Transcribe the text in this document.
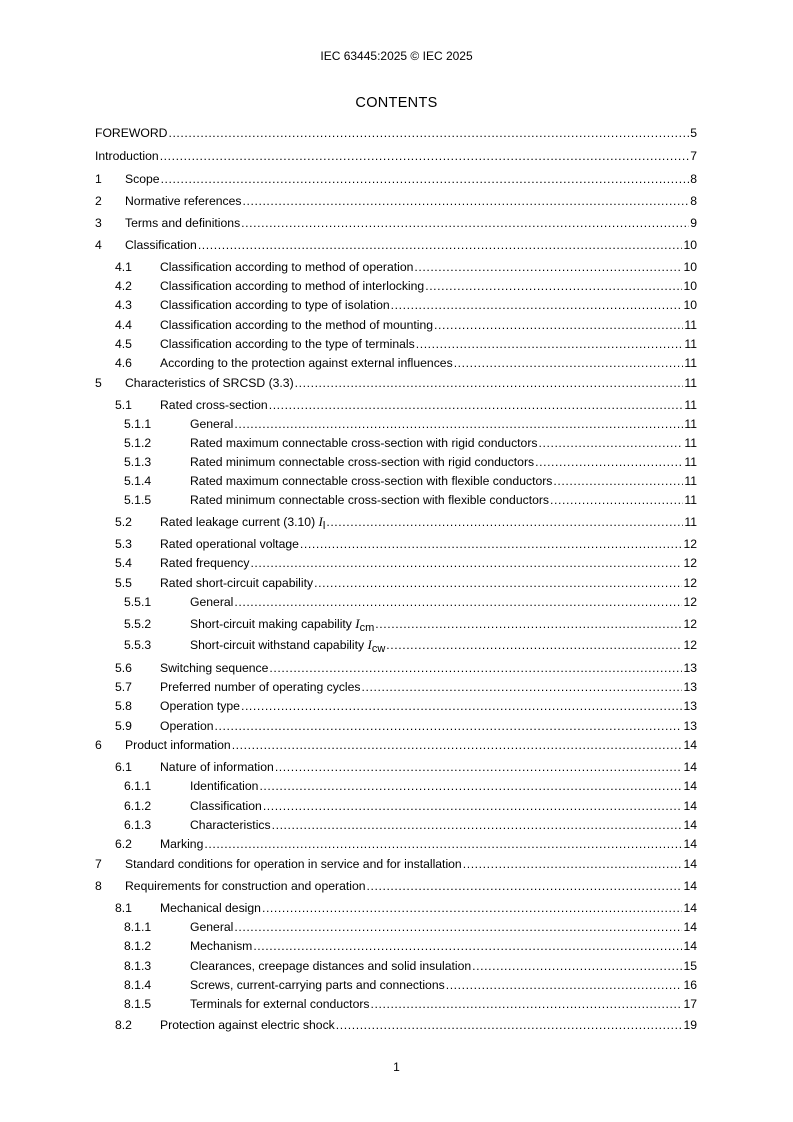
IEC 63445:2025 © IEC 2025
CONTENTS
FOREWORD .....	5
Introduction .....	7
1	Scope .....	8
2	Normative references .....	8
3	Terms and definitions .....	9
4	Classification .....	10
4.1	Classification according to method of operation .....	10
4.2	Classification according to method of interlocking .....	10
4.3	Classification according to type of isolation .....	10
4.4	Classification according to the method of mounting .....	11
4.5	Classification according to the type of terminals .....	11
4.6	According to the protection against external influences .....	11
5	Characteristics of SRCSD (3.3) .....	11
5.1	Rated cross-section .....	11
5.1.1	General .....	11
5.1.2	Rated maximum connectable cross-section with rigid conductors .....	11
5.1.3	Rated minimum connectable cross-section with rigid conductors .....	11
5.1.4	Rated maximum connectable cross-section with flexible conductors .....	11
5.1.5	Rated minimum connectable cross-section with flexible conductors .....	11
5.2	Rated leakage current (3.10) Il .....	11
5.3	Rated operational voltage .....	12
5.4	Rated frequency .....	12
5.5	Rated short-circuit capability .....	12
5.5.1	General .....	12
5.5.2	Short-circuit making capability Icm .....	12
5.5.3	Short-circuit withstand capability Icw .....	12
5.6	Switching sequence .....	13
5.7	Preferred number of operating cycles .....	13
5.8	Operation type .....	13
5.9	Operation .....	13
6	Product information .....	14
6.1	Nature of information .....	14
6.1.1	Identification .....	14
6.1.2	Classification .....	14
6.1.3	Characteristics .....	14
6.2	Marking .....	14
7	Standard conditions for operation in service and for installation .....	14
8	Requirements for construction and operation .....	14
8.1	Mechanical design .....	14
8.1.1	General .....	14
8.1.2	Mechanism .....	14
8.1.3	Clearances, creepage distances and solid insulation .....	15
8.1.4	Screws, current-carrying parts and connections .....	16
8.1.5	Terminals for external conductors .....	17
8.2	Protection against electric shock .....	19
1
